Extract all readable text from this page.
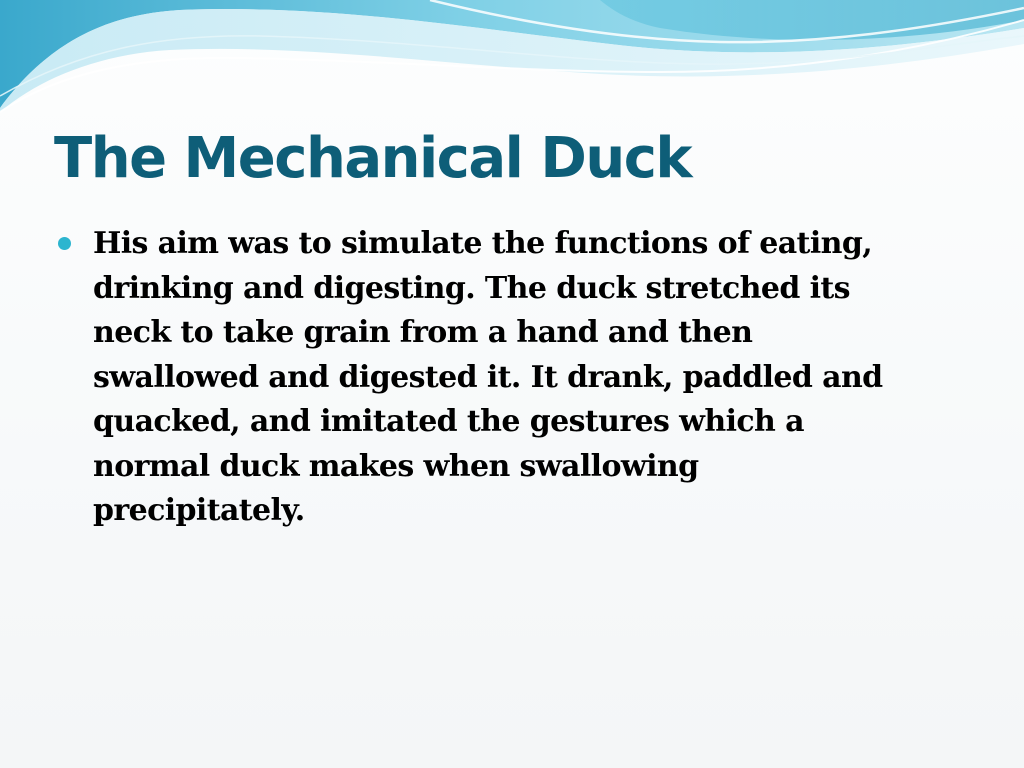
The Mechanical Duck
His aim was to simulate the functions of eating,
drinking and digesting. The duck stretched its
neck to take grain from a hand and then
swallowed and digested it. It drank, paddled and
quacked, and imitated the gestures which a
normal duck makes when swallowing
precipitately.
